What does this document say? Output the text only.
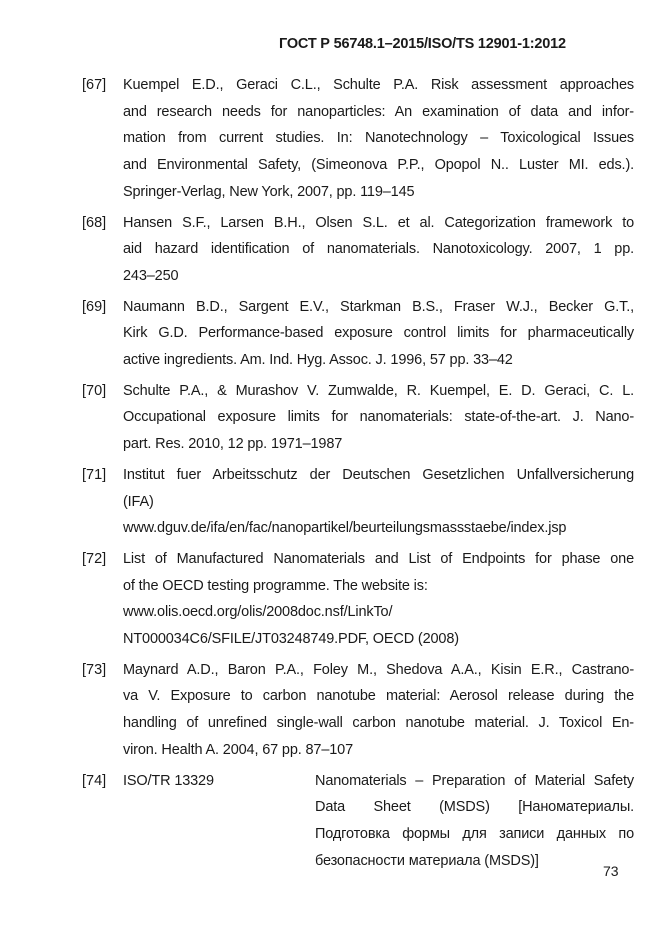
ГОСТ Р 56748.1–2015/ISO/TS 12901-1:2012
[67] Kuempel E.D., Geraci C.L., Schulte P.A. Risk assessment approaches
and research needs for nanoparticles: An examination of data and infor-
mation from current studies. In: Nanotechnology – Toxicological Issues
and Environmental Safety, (Simeonova P.P., Opopol N.. Luster MI. eds.).
Springer-Verlag, New York, 2007, pp. 119–145
[68] Hansen S.F., Larsen B.H., Olsen S.L. et al. Categorization framework to
aid hazard identification of nanomaterials. Nanotoxicology. 2007, 1 pp.
243–250
[69] Naumann B.D., Sargent E.V., Starkman B.S., Fraser W.J., Becker G.T.,
Kirk G.D. Performance-based exposure control limits for pharmaceutically
active ingredients. Am. Ind. Hyg. Assoc. J. 1996, 57 pp. 33–42
[70] Schulte P.A., & Murashov V. Zumwalde, R. Kuempel, E. D. Geraci, C. L.
Occupational exposure limits for nanomaterials: state-of-the-art. J. Nano-
part. Res. 2010, 12 pp. 1971–1987
[71] Institut fuer Arbeitsschutz der Deutschen Gesetzlichen Unfallversicherung
(IFA)
www.dguv.de/ifa/en/fac/nanopartikel/beurteilungsmassstaebe/index.jsp
[72] List of Manufactured Nanomaterials and List of Endpoints for phase one
of the OECD testing programme. The website is:
www.olis.oecd.org/olis/2008doc.nsf/LinkTo/
NT000034C6/SFILE/JT03248749.PDF, OECD (2008)
[73] Maynard A.D., Baron P.A., Foley M., Shedova A.A., Kisin E.R., Castrano-
va V. Exposure to carbon nanotube material: Aerosol release during the
handling of unrefined single-wall carbon nanotube material. J. Toxicol En-
viron. Health A. 2004, 67 pp. 87–107
[74] ISO/TR 13329	Nanomaterials – Preparation of Material Safety Data Sheet (MSDS) [Наноматериалы. Подготовка формы для записи данных по безопасности материала (MSDS)]
73
